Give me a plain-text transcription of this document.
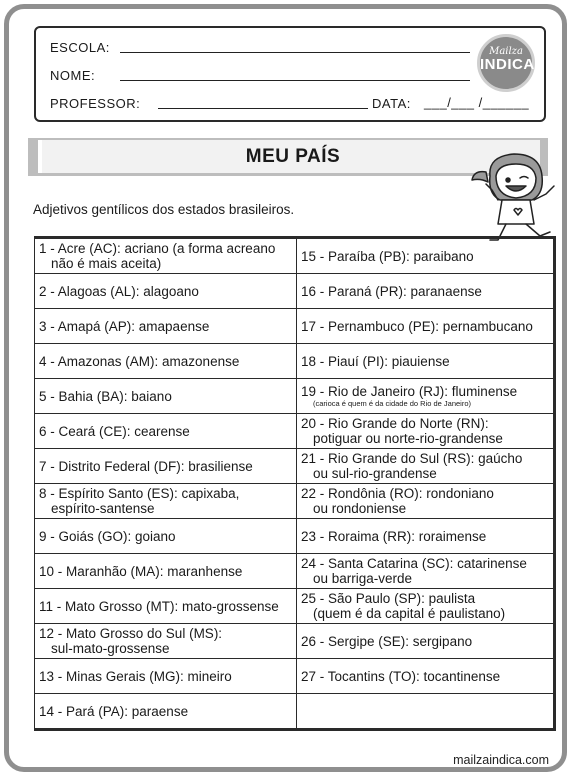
ESCOLA:
NOME:
PROFESSOR:	DATA: ___/___ /______
Mailza
INDICA
MEU PAÍS
Adjetivos gentílicos dos estados brasileiros.
1 - Acre (AC): acriano (a forma acreano
não é mais aceita)	15 - Paraíba (PB): paraibano

2 - Alagoas (AL): alagoano	16 - Paraná (PR): paranaense

3 - Amapá (AP): amapaense	17 - Pernambuco (PE): pernambucano

4 - Amazonas (AM): amazonense	18 - Piauí (PI): piauiense

5 - Bahia (BA): baiano	19 - Rio de Janeiro (RJ): fluminense
(carioca é quem é da cidade do Rio de Janeiro)

6 - Ceará (CE): cearense	20 - Rio Grande do Norte (RN):
potiguar ou norte-rio-grandense

7 - Distrito Federal (DF): brasiliense	21 - Rio Grande do Sul (RS): gaúcho
ou sul-rio-grandense

8 - Espírito Santo (ES): capixaba,
espírito-santense	22 - Rondônia (RO): rondoniano
ou rondoniense

9 - Goiás (GO): goiano	23 - Roraima (RR): roraimense

10 - Maranhão (MA): maranhense	24 - Santa Catarina (SC): catarinense
ou barriga-verde

11 - Mato Grosso (MT): mato-grossense	25 - São Paulo (SP): paulista
(quem é da capital é paulistano)

12 - Mato Grosso do Sul (MS):
sul-mato-grossense	26 - Sergipe (SE): sergipano

13 - Minas Gerais (MG): mineiro	27 - Tocantins (TO): tocantinense

14 - Pará (PA): paraense	

mailzaindica.com
